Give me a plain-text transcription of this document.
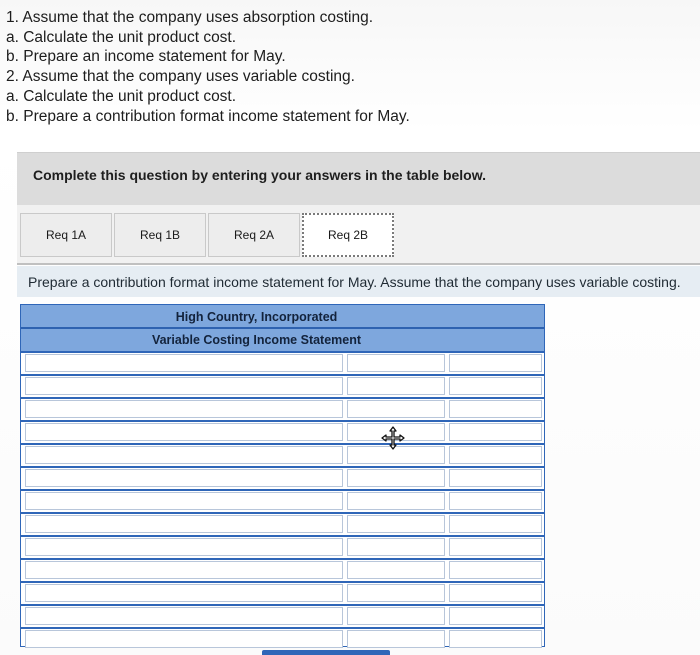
1. Assume that the company uses absorption costing.
a. Calculate the unit product cost.
b. Prepare an income statement for May.
2. Assume that the company uses variable costing.
a. Calculate the unit product cost.
b. Prepare a contribution format income statement for May.
Complete this question by entering your answers in the table below.
Req 1A	Req 1B	Req 2A	Req 2B
Prepare a contribution format income statement for May. Assume that the company uses variable costing.
High Country, Incorporated
Variable Costing Income Statement
